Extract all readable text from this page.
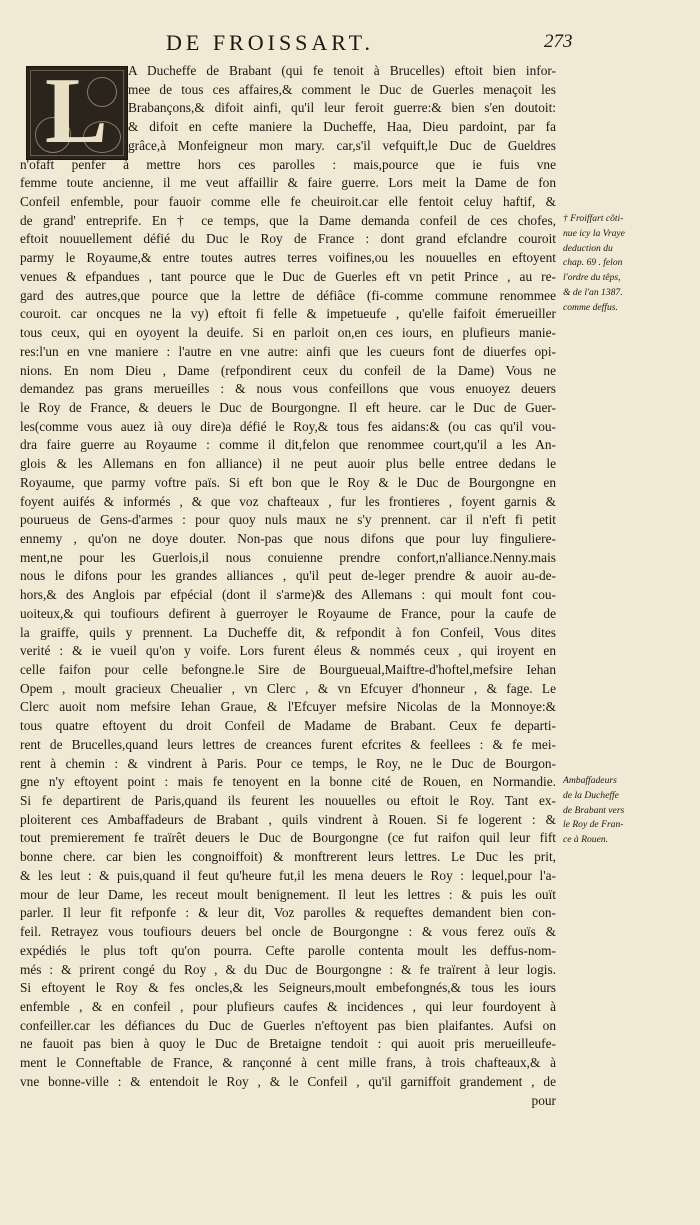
DE FROISSART.	273
L	A Ducheffe de Brabant (qui fe tenoit à Brucelles) eftoit bien infor-
mee de tous ces affaires,& comment le Duc de Guerles menaçoit les
Brabançons,& difoit ainfi, qu'il leur feroit guerre:& bien s'en doutoit:
& difoit en cefte maniere la Ducheffe, Haa, Dieu pardoint, par fa
grâce,à Monfeigneur mon mary. car,s'il vefquift,le Duc de Gueldres
n'ofaft penfer à mettre hors ces parolles : mais,pource que ie fuis vne
femme toute ancienne, il me veut affaillir & faire guerre. Lors meit la Dame de fon
Confeil enfemble, pour fauoir comme elle fe cheuiroit.car elle fentoit celuy haftif, &
de grand' entreprife. En † ce temps, que la Dame demanda confeil de ces chofes,
eftoit nouuellement défié du Duc le Roy de France : dont grand efclandre couroit
parmy le Royaume,& entre toutes autres terres voifines,ou les nouuelles en eftoyent
venues & efpandues , tant pource que le Duc de Guerles eft vn petit Prince , au re-
gard des autres,que pource que la lettre de défiâce (fi-comme commune renommee
couroit. car oncques ne la vy) eftoit fi felle & impetueufe , qu'elle faifoit émerueiller
tous ceux, qui en oyoyent la deuife. Si en parloit on,en ces iours, en plufieurs manie-
res:l'un en vne maniere : l'autre en vne autre: ainfi que les cueurs font de diuerfes opi-
nions. En nom Dieu , Dame (refpondirent ceux du confeil de la Dame) Vous ne
demandez pas grans merueilles : & nous vous confeillons que vous enuoyez deuers
le Roy de France, & deuers le Duc de Bourgongne. Il eft heure. car le Duc de Guer-
les(comme vous auez ià ouy dire)a défié le Roy,& tous fes aidans:& (ou cas qu'il vou-
dra faire guerre au Royaume : comme il dit,felon que renommee court,qu'il a les An-
glois & les Allemans en fon alliance) il ne peut auoir plus belle entree dedans le
Royaume, que parmy voftre païs. Si eft bon que le Roy & le Duc de Bourgongne en
foyent auifés & informés , & que voz chafteaux , fur les frontieres , foyent garnis &
pourueus de Gens-d'armes : pour quoy nuls maux ne s'y prennent. car il n'eft fi petit
ennemy , qu'on ne doye douter. Non-pas que nous difons que pour luy finguliere-
ment,ne pour les Guerlois,il nous conuienne prendre confort,n'alliance.Nenny.mais
nous le difons pour les grandes alliances , qu'il peut de-leger prendre & auoir au-de-
hors,& des Anglois par efpécial (dont il s'arme)& des Allemans : qui moult font cou-
uoiteux,& qui toufiours defirent à guerroyer le Royaume de France, pour la caufe de
la graiffe, quils y prennent. La Ducheffe dit, & refpondit à fon Confeil, Vous dites
verité : & ie vueil qu'on y voife. Lors furent éleus & nommés ceux , qui iroyent en
celle faifon pour celle befongne.le Sire de Bourgueual,Maiftre-d'hoftel,mefsire Iehan
Opem , moult gracieux Cheualier , vn Clerc , & vn Efcuyer d'honneur , & fage. Le
Clerc auoit nom mefsire Iehan Graue, & l'Efcuyer mefsire Nicolas de la Monnoye:&
tous quatre eftoyent du droit Confeil de Madame de Brabant. Ceux fe departi-
rent de Brucelles,quand leurs lettres de creances furent efcrites & feellees : & fe mei-
rent à chemin : & vindrent à Paris. Pour ce temps, le Roy, ne le Duc de Bourgon-
gne n'y eftoyent point : mais fe tenoyent en la bonne cité de Rouen, en Normandie.
Si fe departirent de Paris,quand ils feurent les nouuelles ou eftoit le Roy. Tant ex-
ploiterent ces Ambaffadeurs de Brabant , quils vindrent à Rouen. Si fe logerent : &
tout premierement fe traïrêt deuers le Duc de Bourgongne (ce fut raifon quil leur fift
bonne chere. car bien les congnoiffoit) & monftrerent leurs lettres. Le Duc les prit,
& les leut : & puis,quand il feut qu'heure fut,il les mena deuers le Roy : lequel,pour l'a-
mour de leur Dame, les receut moult benignement. Il leut les lettres : & puis les ouït
parler. Il leur fit refponfe : & leur dit, Voz parolles & requeftes demandent bien con-
feil. Retrayez vous toufiours deuers bel oncle de Bourgongne : & vous ferez ouïs &
expédiés le plus toft qu'on pourra. Cefte parolle contenta moult les deffus-nom-
més : & prirent congé du Roy , & du Duc de Bourgongne : & fe traïrent à leur logis.
Si eftoyent le Roy & fes oncles,& les Seigneurs,moult embefongnés,& tous les iours
enfemble , & en confeil , pour plufieurs caufes & incidences , qui leur fourdoyent à
confeiller.car les défiances du Duc de Guerles n'eftoyent pas bien plaifantes. Aufsi on
ne fauoit pas bien à quoy le Duc de Bretaigne tendoit : qui auoit pris merueilleufe-
ment le Conneftable de France, & rançonné à cent mille frans, à trois chafteaux,& à
vne bonne-ville : & entendoit le Roy , & le Confeil , qu'il garniffoit grandement , de
pour
† Froiffart côti-
nue icy la Vraye
deduction du
chap. 69 . felon
l'ordre du têps,
& de l'an 1387.
comme deffus.
Ambaffadeurs
de la Ducheffe
de Brabant vers
le Roy de Fran-
ce à Rouen.
